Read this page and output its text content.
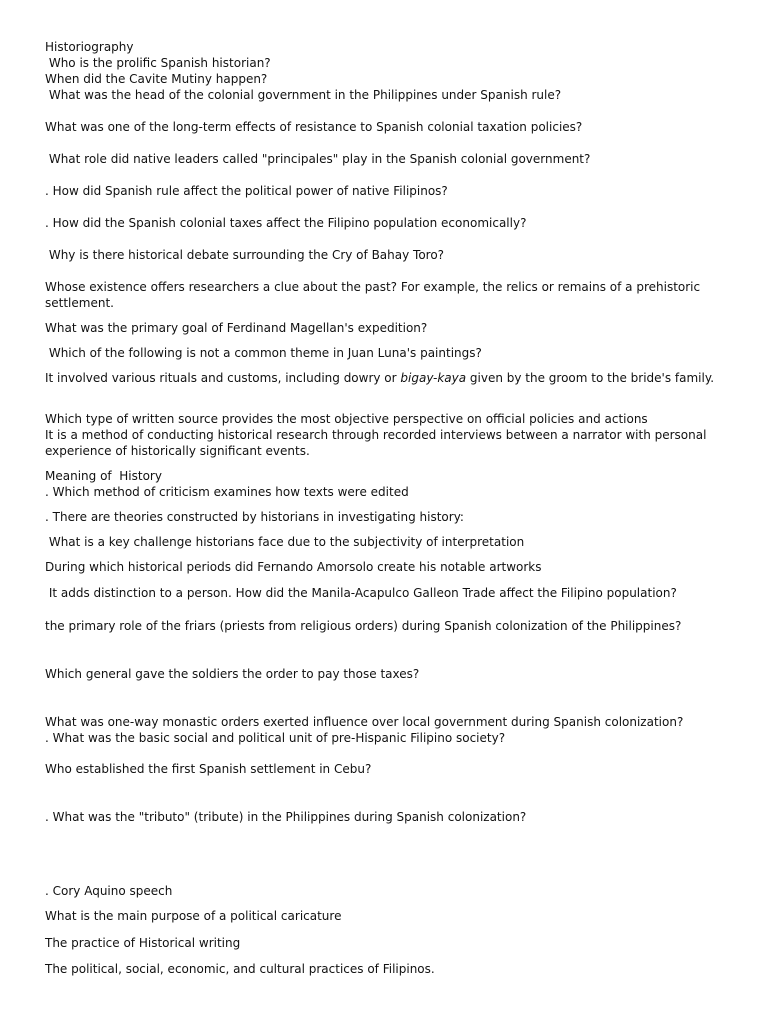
Historiography
Who is the prolific Spanish historian?
When did the Cavite Mutiny happen?
What was the head of the colonial government in the Philippines under Spanish rule?
What was one of the long-term effects of resistance to Spanish colonial taxation policies?
What role did native leaders called "principales" play in the Spanish colonial government?
. How did Spanish rule affect the political power of native Filipinos?
. How did the Spanish colonial taxes affect the Filipino population economically?
Why is there historical debate surrounding the Cry of Bahay Toro?
Whose existence offers researchers a clue about the past? For example, the relics or remains of a prehistoric settlement.
What was the primary goal of Ferdinand Magellan's expedition?
Which of the following is not a common theme in Juan Luna's paintings?
It involved various rituals and customs, including dowry or bigay-kaya given by the groom to the bride's family.
Which type of written source provides the most objective perspective on official policies and actions
It is a method of conducting historical research through recorded interviews between a narrator with personal experience of historically significant events.
Meaning of  History
. Which method of criticism examines how texts were edited
. There are theories constructed by historians in investigating history:
What is a key challenge historians face due to the subjectivity of interpretation
During which historical periods did Fernando Amorsolo create his notable artworks
It adds distinction to a person. How did the Manila-Acapulco Galleon Trade affect the Filipino population?
the primary role of the friars (priests from religious orders) during Spanish colonization of the Philippines?
Which general gave the soldiers the order to pay those taxes?
What was one-way monastic orders exerted influence over local government during Spanish colonization?
. What was the basic social and political unit of pre-Hispanic Filipino society?
Who established the first Spanish settlement in Cebu?
. What was the "tributo" (tribute) in the Philippines during Spanish colonization?
. Cory Aquino speech
What is the main purpose of a political caricature
The practice of Historical writing
The political, social, economic, and cultural practices of Filipinos.
